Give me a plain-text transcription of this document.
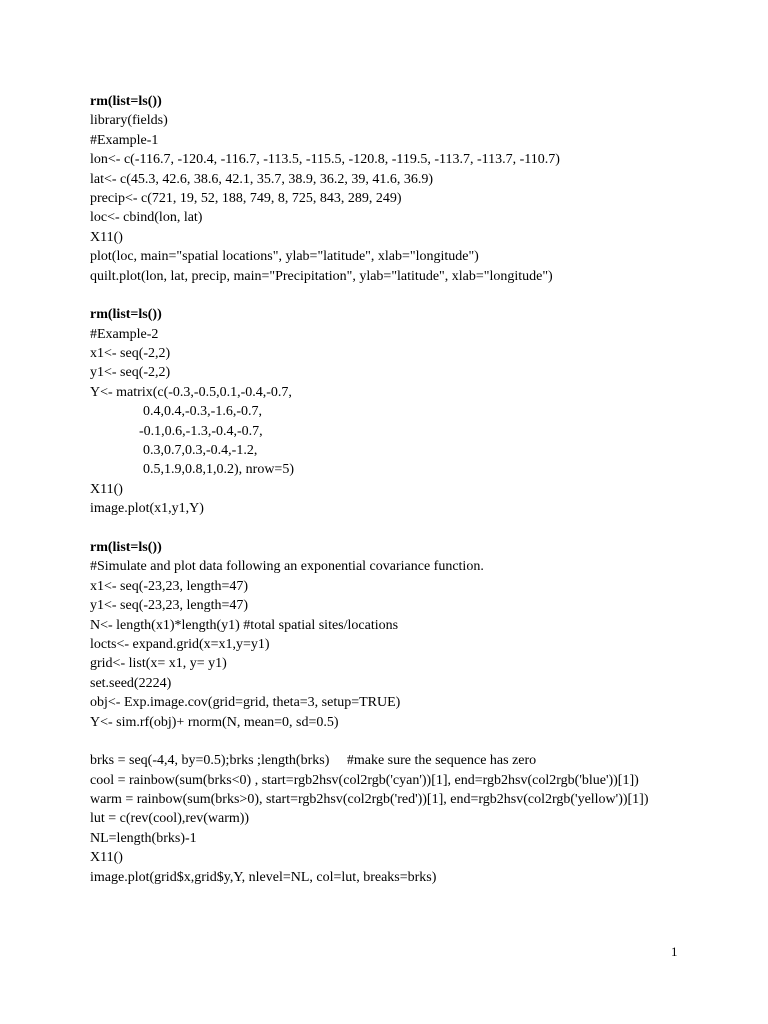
rm(list=ls())
library(fields)
#Example-1
lon<- c(-116.7, -120.4, -116.7, -113.5, -115.5, -120.8, -119.5, -113.7, -113.7, -110.7)
lat<- c(45.3, 42.6, 38.6, 42.1, 35.7, 38.9, 36.2, 39, 41.6, 36.9)
precip<- c(721, 19, 52, 188, 749, 8, 725, 843, 289, 249)
loc<- cbind(lon, lat)
X11()
plot(loc, main="spatial locations", ylab="latitude", xlab="longitude")
quilt.plot(lon, lat, precip, main="Precipitation", ylab="latitude", xlab="longitude")
rm(list=ls())
#Example-2
x1<- seq(-2,2)
y1<- seq(-2,2)
Y<- matrix(c(-0.3,-0.5,0.1,-0.4,-0.7,
0.4,0.4,-0.3,-1.6,-0.7,
-0.1,0.6,-1.3,-0.4,-0.7,
0.3,0.7,0.3,-0.4,-1.2,
0.5,1.9,0.8,1,0.2), nrow=5)
X11()
image.plot(x1,y1,Y)
rm(list=ls())
#Simulate and plot data following an exponential covariance function.
x1<- seq(-23,23, length=47)
y1<- seq(-23,23, length=47)
N<- length(x1)*length(y1) #total spatial sites/locations
locts<- expand.grid(x=x1,y=y1)
grid<- list(x= x1, y= y1)
set.seed(2224)
obj<- Exp.image.cov(grid=grid, theta=3, setup=TRUE)
Y<- sim.rf(obj)+ rnorm(N, mean=0, sd=0.5)
brks = seq(-4,4, by=0.5);brks ;length(brks)     #make sure the sequence has zero
cool = rainbow(sum(brks<0) , start=rgb2hsv(col2rgb('cyan'))[1], end=rgb2hsv(col2rgb('blue'))[1])
warm = rainbow(sum(brks>0), start=rgb2hsv(col2rgb('red'))[1], end=rgb2hsv(col2rgb('yellow'))[1])
lut = c(rev(cool),rev(warm))
NL=length(brks)-1
X11()
image.plot(grid$x,grid$y,Y, nlevel=NL, col=lut, breaks=brks)
1
